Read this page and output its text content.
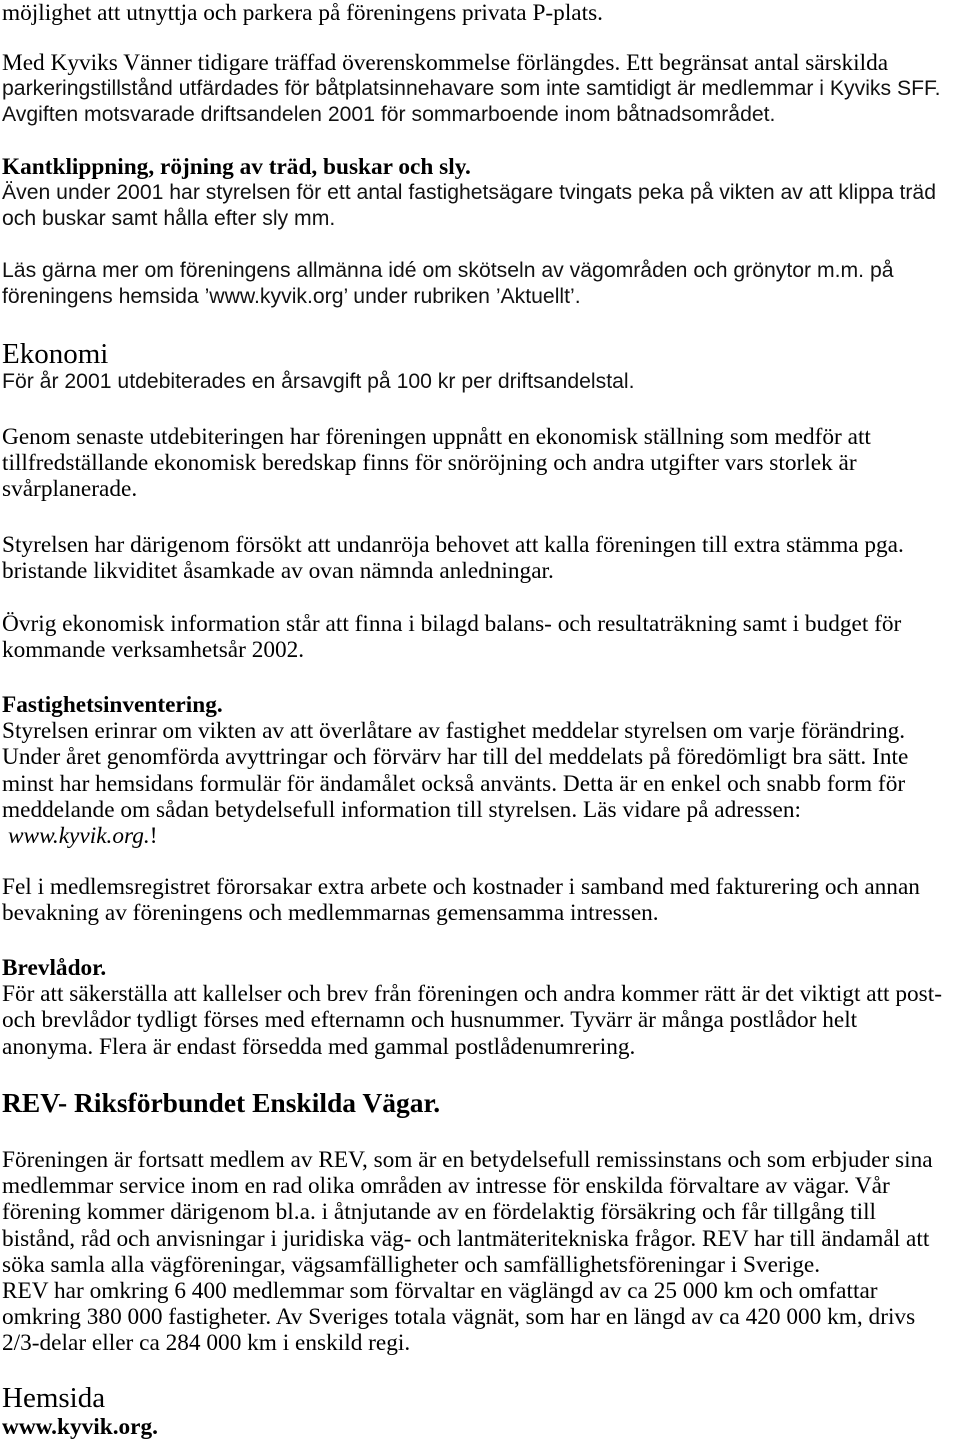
möjlighet att utnyttja och parkera på föreningens privata P-plats.
Med Kyviks Vänner tidigare träffad överenskommelse förlängdes. Ett begränsat antal särskilda
parkeringstillstånd utfärdades för båtplatsinnehavare som inte samtidigt är medlemmar i Kyviks SFF.
Avgiften motsvarade driftsandelen 2001 för sommarboende inom båtnadsområdet.
Kantklippning, röjning av träd, buskar och sly.
Även under 2001 har styrelsen för ett antal fastighetsägare tvingats peka på vikten av att klippa träd
och buskar samt hålla efter sly mm.
Läs gärna mer om föreningens allmänna idé om skötseln av vägområden och grönytor m.m. på
föreningens hemsida ’www.kyvik.org’ under rubriken ’Aktuellt’.
Ekonomi
För år 2001 utdebiterades en årsavgift på 100 kr per driftsandelstal.
Genom senaste utdebiteringen har föreningen uppnått en ekonomisk ställning som medför att
tillfredställande ekonomisk beredskap finns för snöröjning och andra utgifter vars storlek är
svårplanerade.
Styrelsen har därigenom försökt att undanröja behovet att kalla föreningen till extra stämma pga.
bristande likviditet åsamkade av ovan nämnda anledningar.
Övrig ekonomisk information står att finna i bilagd balans- och resultaträkning samt i budget för
kommande verksamhetsår 2002.
Fastighetsinventering.
Styrelsen erinrar om vikten av att överlåtare av fastighet meddelar styrelsen om varje förändring.
Under året genomförda avyttringar och förvärv har till del meddelats på föredömligt bra sätt. Inte
minst har hemsidans formulär för ändamålet också använts. Detta är en enkel och snabb form för
meddelande om sådan betydelsefull information till styrelsen. Läs vidare på adressen:
www.kyvik.org.!
Fel i medlemsregistret förorsakar extra arbete och kostnader i samband med fakturering och annan
bevakning av föreningens och medlemmarnas gemensamma intressen.
Brevlådor.
För att säkerställa att kallelser och brev från föreningen och andra kommer rätt är det viktigt att post-
och brevlådor tydligt förses med efternamn och husnummer. Tyvärr är många postlådor helt
anonyma. Flera är endast försedda med gammal postlådenumrering.
REV- Riksförbundet Enskilda Vägar.
Föreningen är fortsatt medlem av REV, som är en betydelsefull remissinstans och som erbjuder sina
medlemmar service inom en rad olika områden av intresse för enskilda förvaltare av vägar. Vår
förening kommer därigenom bl.a. i åtnjutande av en fördelaktig försäkring och får tillgång till
bistånd, råd och anvisningar i juridiska väg- och lantmäteritekniska frågor. REV har till ändamål att
söka samla alla vägföreningar, vägsamfälligheter och samfällighetsföreningar i Sverige.
REV har omkring 6 400 medlemmar som förvaltar en väglängd av ca 25 000 km och omfattar
omkring 380 000 fastigheter. Av Sveriges totala vägnät, som har en längd av ca 420 000 km, drivs
2/3-delar eller ca 284 000 km i enskild regi.
Hemsida
www.kyvik.org.
